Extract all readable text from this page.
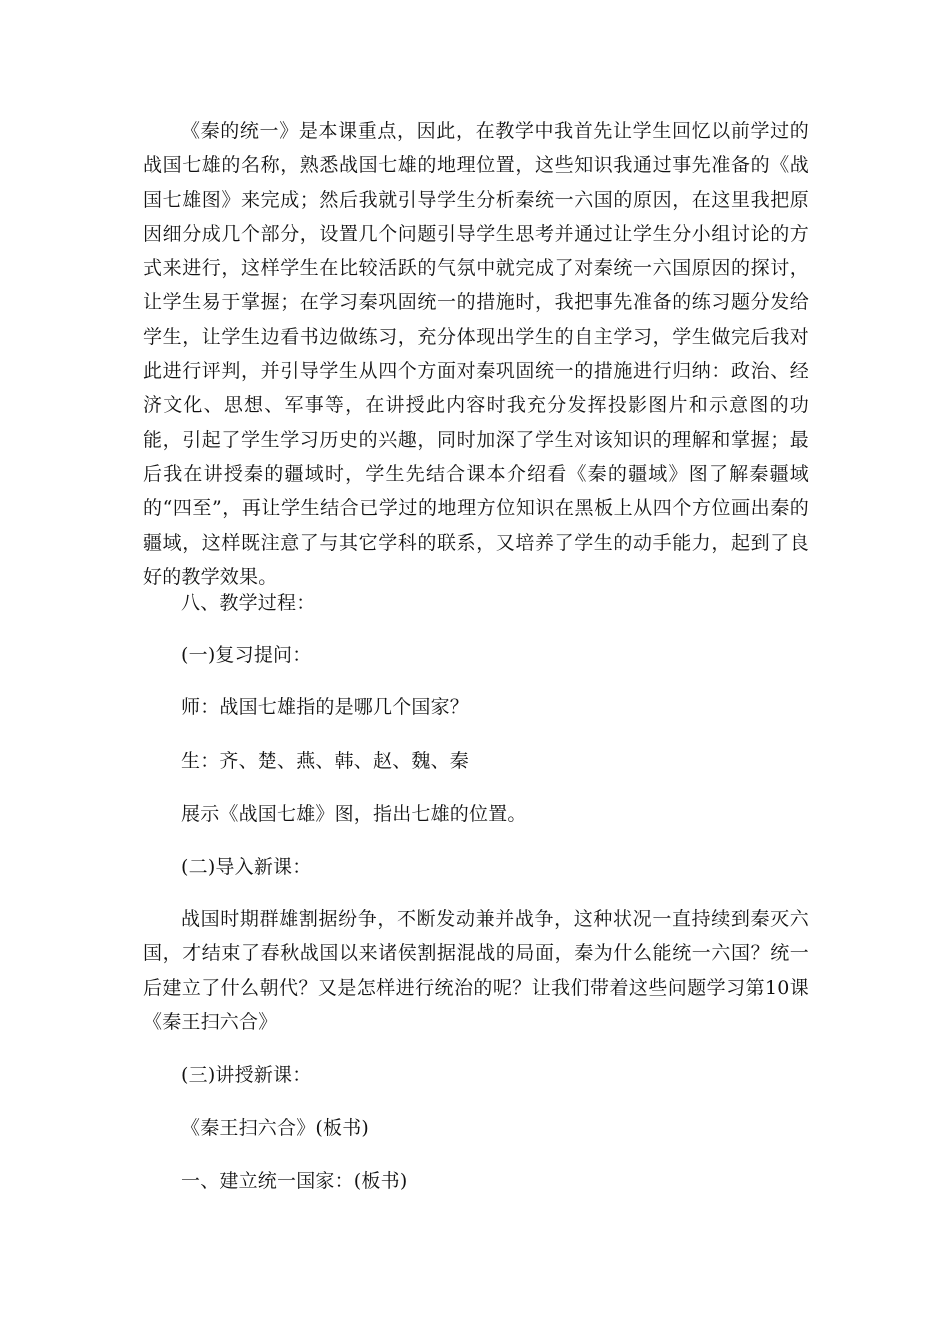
《秦的统一》是本课重点，因此，在教学中我首先让学生回忆以前学过的战国七雄的名称，熟悉战国七雄的地理位置，这些知识我通过事先准备的《战国七雄图》来完成；然后我就引导学生分析秦统一六国的原因，在这里我把原因细分成几个部分，设置几个问题引导学生思考并通过让学生分小组讨论的方式来进行，这样学生在比较活跃的气氛中就完成了对秦统一六国原因的探讨，让学生易于掌握；在学习秦巩固统一的措施时，我把事先准备的练习题分发给学生，让学生边看书边做练习，充分体现出学生的自主学习，学生做完后我对此进行评判，并引导学生从四个方面对秦巩固统一的措施进行归纳：政治、经济文化、思想、军事等，在讲授此内容时我充分发挥投影图片和示意图的功能，引起了学生学习历史的兴趣，同时加深了学生对该知识的理解和掌握；最后我在讲授秦的疆域时，学生先结合课本介绍看《秦的疆域》图了解秦疆域的“四至”，再让学生结合已学过的地理方位知识在黑板上从四个方位画出秦的疆域，这样既注意了与其它学科的联系，又培养了学生的动手能力，起到了良好的教学效果。

八、教学过程：

(一)复习提问：

师：战国七雄指的是哪几个国家？

生：齐、楚、燕、韩、赵、魏、秦

展示《战国七雄》图，指出七雄的位置。

(二)导入新课：

战国时期群雄割据纷争，不断发动兼并战争，这种状况一直持续到秦灭六国，才结束了春秋战国以来诸侯割据混战的局面，秦为什么能统一六国？统一后建立了什么朝代？又是怎样进行统治的呢？让我们带着这些问题学习第10课《秦王扫六合》

(三)讲授新课：

《秦王扫六合》(板书)

一、建立统一国家：(板书)
